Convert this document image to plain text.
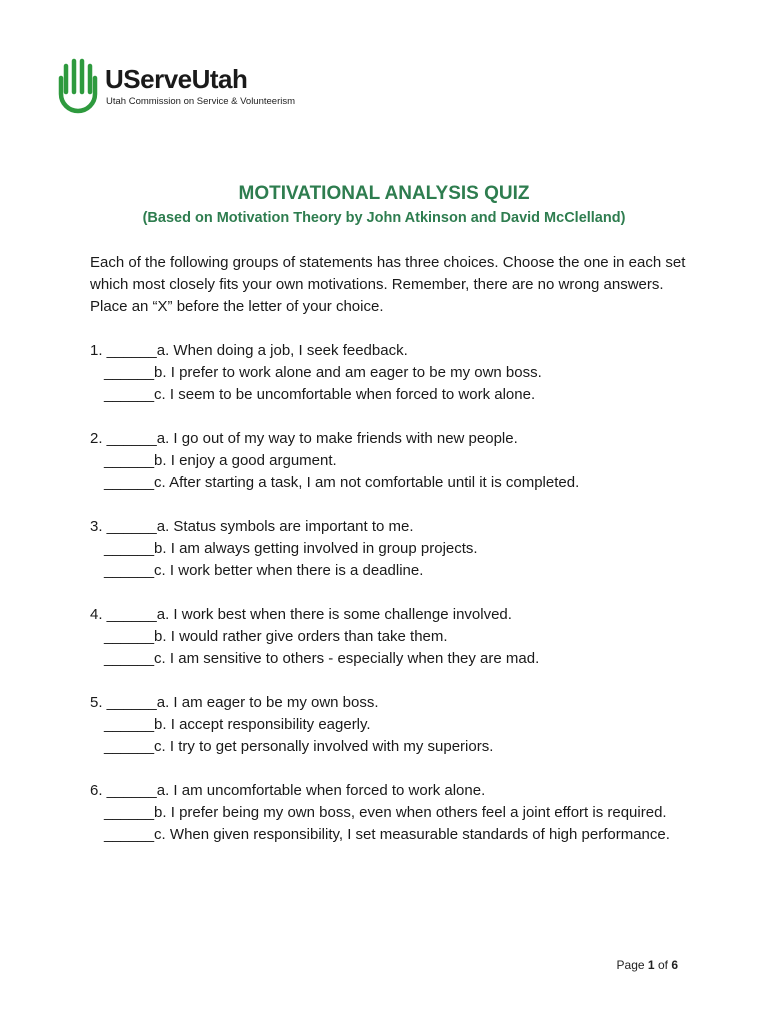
UServeUtah
Utah Commission on Service & Volunteerism
MOTIVATIONAL ANALYSIS QUIZ
(Based on Motivation Theory by John Atkinson and David McClelland)
Each of the following groups of statements has three choices. Choose the one in each set which most closely fits your own motivations. Remember, there are no wrong answers. Place an “X” before the letter of your choice.
1. ______a. When doing a job, I seek feedback.
______b. I prefer to work alone and am eager to be my own boss.
______c. I seem to be uncomfortable when forced to work alone.
2. ______a. I go out of my way to make friends with new people.
______b. I enjoy a good argument.
______c. After starting a task, I am not comfortable until it is completed.
3. ______a. Status symbols are important to me.
______b. I am always getting involved in group projects.
______c. I work better when there is a deadline.
4. ______a. I work best when there is some challenge involved.
______b. I would rather give orders than take them.
______c. I am sensitive to others - especially when they are mad.
5. ______a. I am eager to be my own boss.
______b. I accept responsibility eagerly.
______c. I try to get personally involved with my superiors.
6. ______a. I am uncomfortable when forced to work alone.
______b. I prefer being my own boss, even when others feel a joint effort is required.
______c. When given responsibility, I set measurable standards of high performance.
Page 1 of 6
